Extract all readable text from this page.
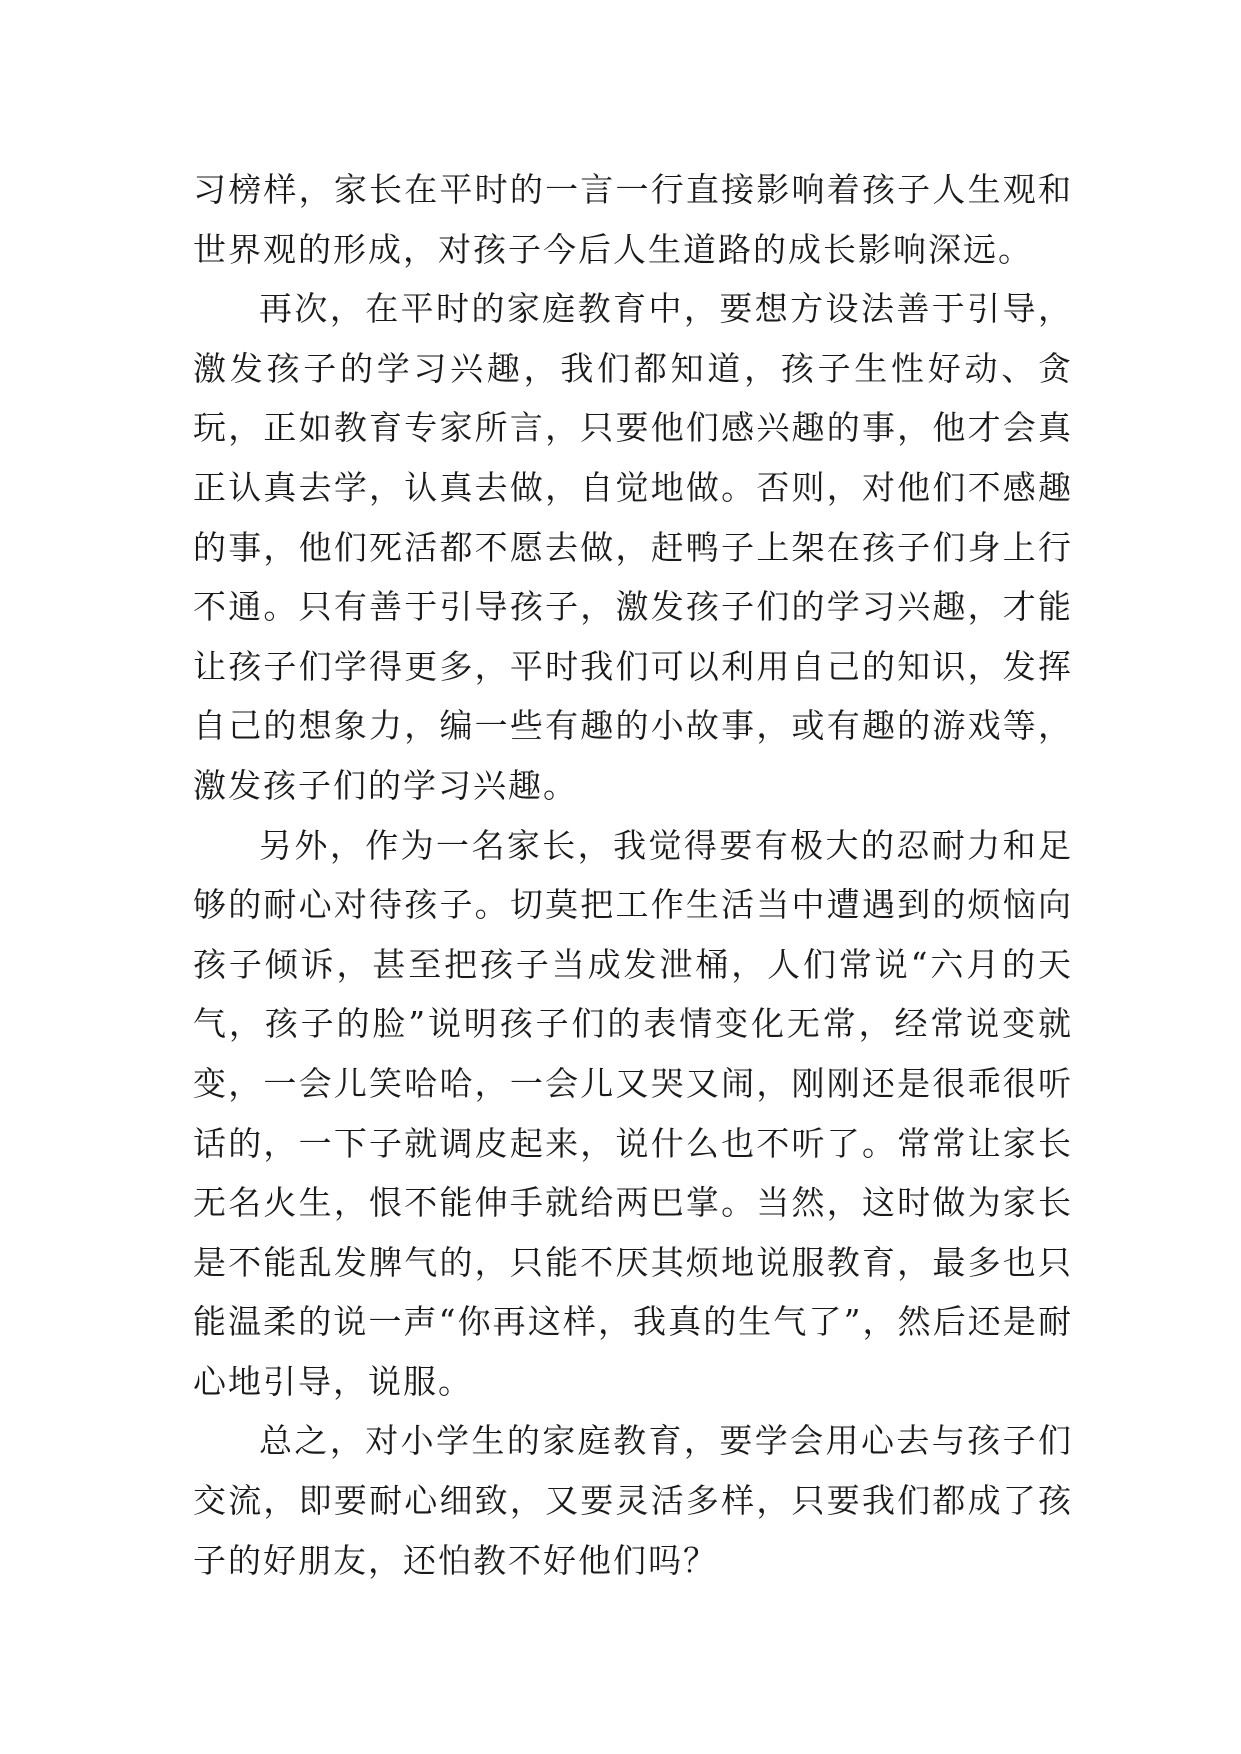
习榜样，家长在平时的一言一行直接影响着孩子人生观和世界观的形成，对孩子今后人生道路的成长影响深远。

再次，在平时的家庭教育中，要想方设法善于引导，激发孩子的学习兴趣，我们都知道，孩子生性好动、贪玩，正如教育专家所言，只要他们感兴趣的事，他才会真正认真去学，认真去做，自觉地做。否则，对他们不感趣的事，他们死活都不愿去做，赶鸭子上架在孩子们身上行不通。只有善于引导孩子，激发孩子们的学习兴趣，才能让孩子们学得更多，平时我们可以利用自己的知识，发挥自己的想象力，编一些有趣的小故事，或有趣的游戏等，激发孩子们的学习兴趣。

另外，作为一名家长，我觉得要有极大的忍耐力和足够的耐心对待孩子。切莫把工作生活当中遭遇到的烦恼向孩子倾诉，甚至把孩子当成发泄桶，人们常说“六月的天气，孩子的脸”说明孩子们的表情变化无常，经常说变就变，一会儿笑哈哈，一会儿又哭又闹，刚刚还是很乖很听话的，一下子就调皮起来，说什么也不听了。常常让家长无名火生，恨不能伸手就给两巴掌。当然，这时做为家长是不能乱发脾气的，只能不厌其烦地说服教育，最多也只能温柔的说一声“你再这样，我真的生气了”，然后还是耐心地引导，说服。

总之，对小学生的家庭教育，要学会用心去与孩子们交流，即要耐心细致，又要灵活多样，只要我们都成了孩子的好朋友，还怕教不好他们吗？
